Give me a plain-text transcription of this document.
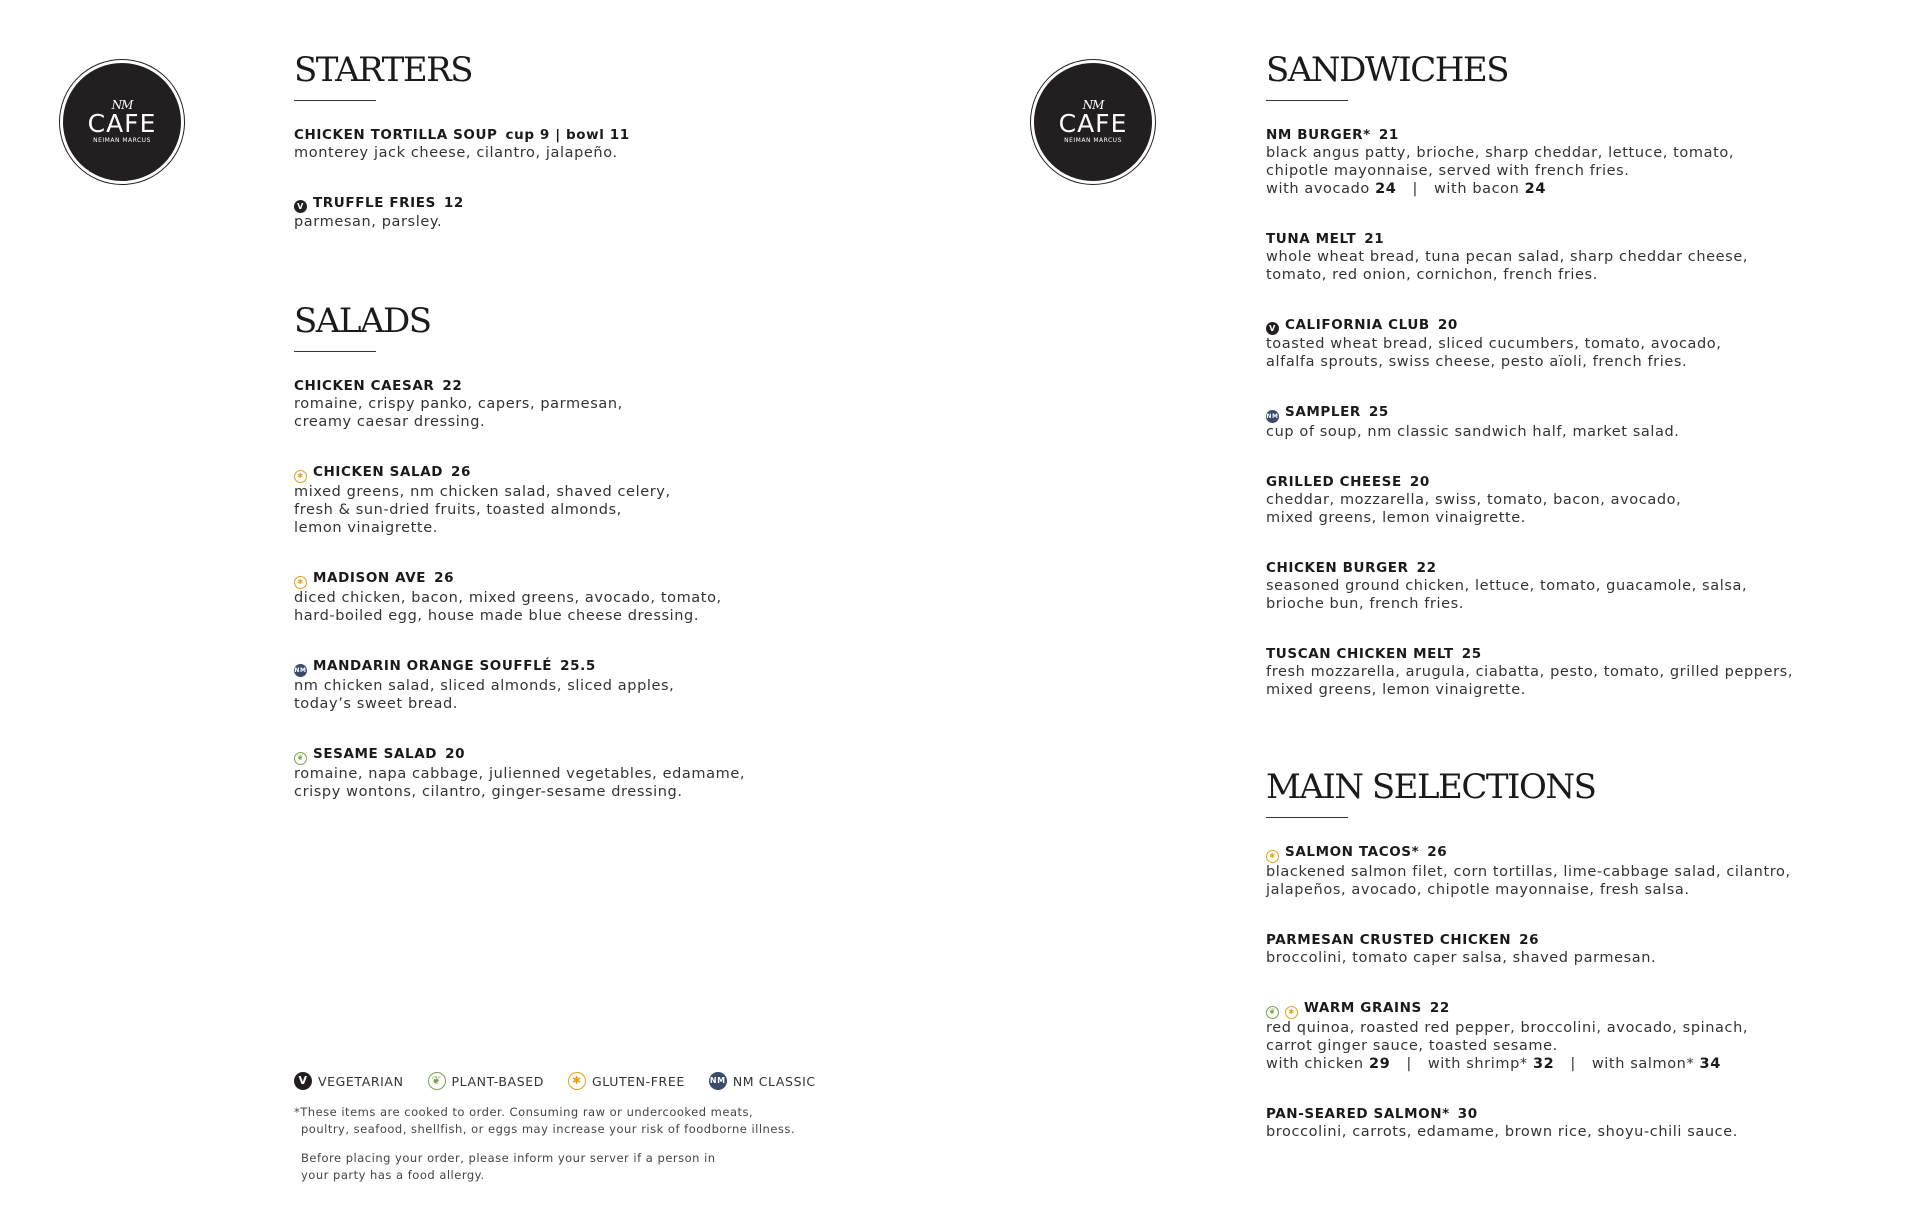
NM
CAFE
NEIMAN MARCUS
NM
CAFE
NEIMAN MARCUS
STARTERS
CHICKEN TORTILLA SOUP cup 9 | bowl 11
monterey jack cheese, cilantro, jalapeño.
V TRUFFLE FRIES 12
parmesan, parsley.
SALADS
CHICKEN CAESAR 22
romaine, crispy panko, capers, parmesan,
creamy caesar dressing.
✱ CHICKEN SALAD 26
mixed greens, nm chicken salad, shaved celery,
fresh & sun-dried fruits, toasted almonds,
lemon vinaigrette.
✱ MADISON AVE 26
diced chicken, bacon, mixed greens, avocado, tomato,
hard-boiled egg, house made blue cheese dressing.
NM MANDARIN ORANGE SOUFFLÉ 25.5
nm chicken salad, sliced almonds, sliced apples,
today’s sweet bread.
❦ SESAME SALAD 20
romaine, napa cabbage, julienned vegetables, edamame,
crispy wontons, cilantro, ginger-sesame dressing.
V VEGETARIAN	❦ PLANT-BASED	✱ GLUTEN-FREE	NM NM CLASSIC
*These items are cooked to order. Consuming raw or undercooked meats,
poultry, seafood, shellfish, or eggs may increase your risk of foodborne illness.
Before placing your order, please inform your server if a person in
your party has a food allergy.
SANDWICHES
NM BURGER* 21
black angus patty, brioche, sharp cheddar, lettuce, tomato,
chipotle mayonnaise, served with french fries.
with avocado 24 | with bacon 24
TUNA MELT 21
whole wheat bread, tuna pecan salad, sharp cheddar cheese,
tomato, red onion, cornichon, french fries.
V CALIFORNIA CLUB 20
toasted wheat bread, sliced cucumbers, tomato, avocado,
alfalfa sprouts, swiss cheese, pesto aïoli, french fries.
NM SAMPLER 25
cup of soup, nm classic sandwich half, market salad.
GRILLED CHEESE 20
cheddar, mozzarella, swiss, tomato, bacon, avocado,
mixed greens, lemon vinaigrette.
CHICKEN BURGER 22
seasoned ground chicken, lettuce, tomato, guacamole, salsa,
brioche bun, french fries.
TUSCAN CHICKEN MELT 25
fresh mozzarella, arugula, ciabatta, pesto, tomato, grilled peppers,
mixed greens, lemon vinaigrette.
MAIN SELECTIONS
✱ SALMON TACOS* 26
blackened salmon filet, corn tortillas, lime-cabbage salad, cilantro,
jalapeños, avocado, chipotle mayonnaise, fresh salsa.
PARMESAN CRUSTED CHICKEN 26
broccolini, tomato caper salsa, shaved parmesan.
❦ ✱ WARM GRAINS 22
red quinoa, roasted red pepper, broccolini, avocado, spinach,
carrot ginger sauce, toasted sesame.
with chicken 29 | with shrimp* 32 | with salmon* 34
PAN-SEARED SALMON* 30
broccolini, carrots, edamame, brown rice, shoyu-chili sauce.
